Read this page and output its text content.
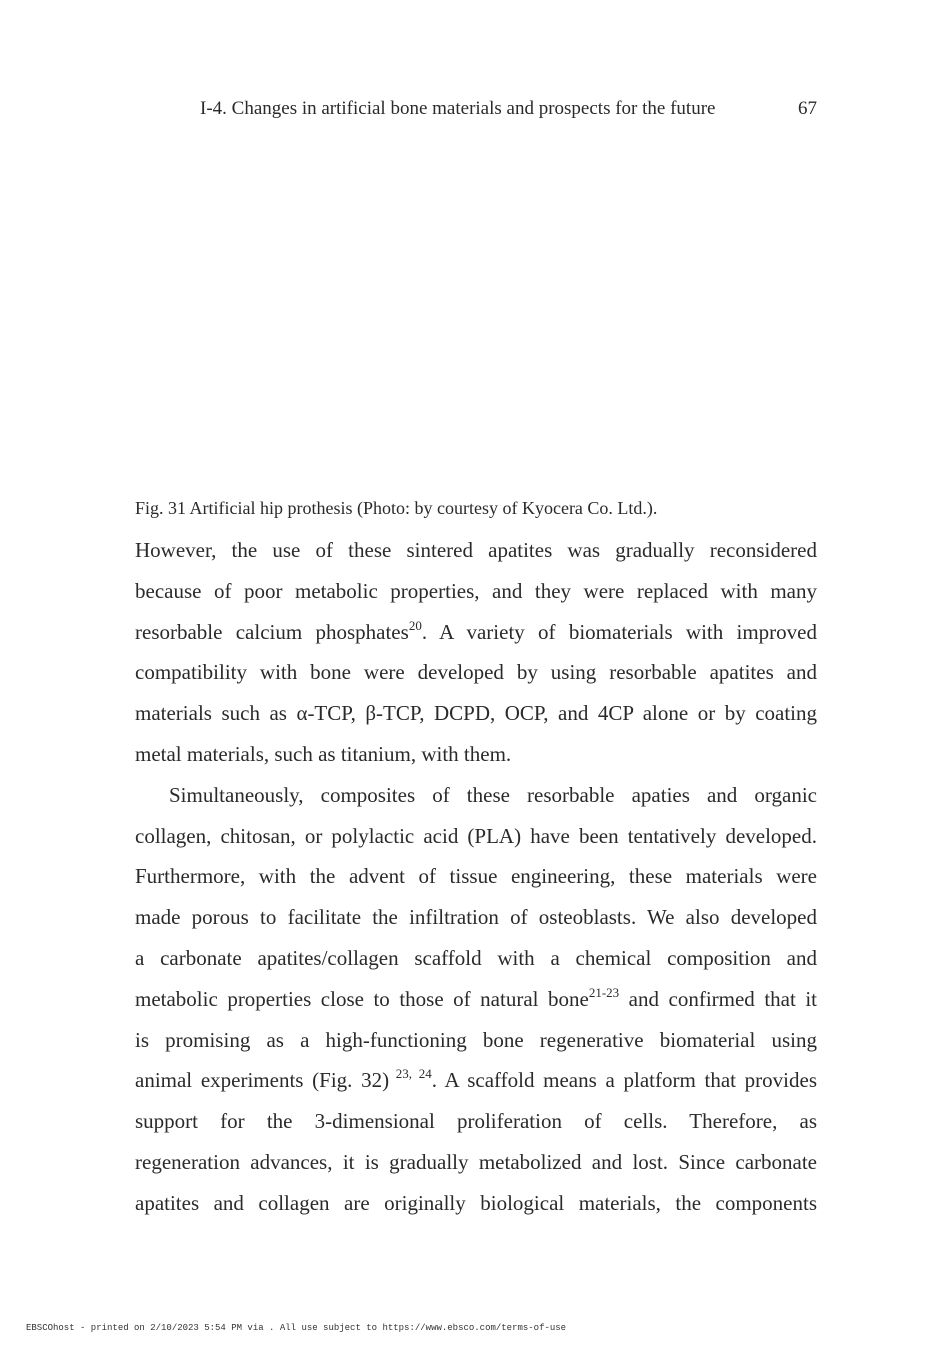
I-4. Changes in artificial bone materials and prospects for the future	67
Fig. 31 Artificial hip prothesis (Photo: by courtesy of Kyocera Co. Ltd.).
However, the use of these sintered apatites was gradually reconsidered
because of poor metabolic properties, and they were replaced with many
resorbable calcium phosphates$^{20}$. A variety of biomaterials with improved
compatibility with bone were developed by using resorbable apatites and
materials such as α-TCP, β-TCP, DCPD, OCP, and 4CP alone or by coating
metal materials, such as titanium, with them.
Simultaneously, composites of these resorbable apaties and organic
collagen, chitosan, or polylactic acid (PLA) have been tentatively developed.
Furthermore, with the advent of tissue engineering, these materials were
made porous to facilitate the infiltration of osteoblasts. We also developed
a carbonate apatites/collagen scaffold with a chemical composition and
metabolic properties close to those of natural bone$^{21-23}$ and confirmed that it
is promising as a high-functioning bone regenerative biomaterial using
animal experiments (Fig. 32) $^{23, 24}$. A scaffold means a platform that provides
support for the 3-dimensional proliferation of cells. Therefore, as
regeneration advances, it is gradually metabolized and lost. Since carbonate
apatites and collagen are originally biological materials, the components
EBSCOhost - printed on 2/10/2023 5:54 PM via . All use subject to https://www.ebsco.com/terms-of-use
